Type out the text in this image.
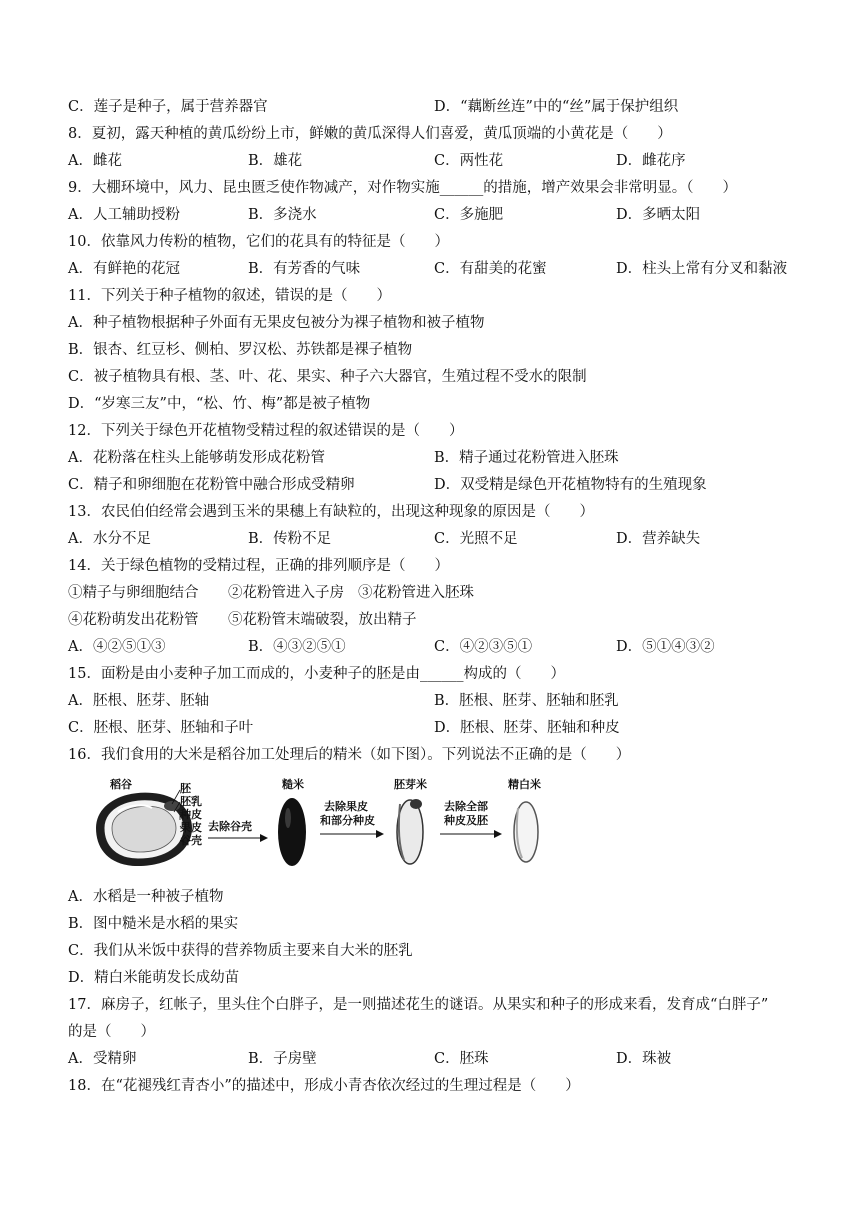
C．莲子是种子，属于营养器官	D．“藕断丝连”中的“丝”属于保护组织
8．夏初，露天种植的黄瓜纷纷上市，鲜嫩的黄瓜深得人们喜爱，黄瓜顶端的小黄花是（　　）
A．雌花	B．雄花	C．两性花	D．雌花序
9．大棚环境中，风力、昆虫匮乏使作物减产，对作物实施______的措施，增产效果会非常明显。（　　）
A．人工辅助授粉	B．多浇水	C．多施肥	D．多晒太阳
10．依靠风力传粉的植物，它们的花具有的特征是（　　）
A．有鲜艳的花冠	B．有芳香的气味	C．有甜美的花蜜	D．柱头上常有分叉和黏液
11．下列关于种子植物的叙述，错误的是（　　）
A．种子植物根据种子外面有无果皮包被分为裸子植物和被子植物
B．银杏、红豆杉、侧柏、罗汉松、苏铁都是裸子植物
C．被子植物具有根、茎、叶、花、果实、种子六大器官，生殖过程不受水的限制
D．“岁寒三友”中，“松、竹、梅”都是被子植物
12．下列关于绿色开花植物受精过程的叙述错误的是（　　）
A．花粉落在柱头上能够萌发形成花粉管	B．精子通过花粉管进入胚珠
C．精子和卵细胞在花粉管中融合形成受精卵	D．双受精是绿色开花植物特有的生殖现象
13．农民伯伯经常会遇到玉米的果穗上有缺粒的，出现这种现象的原因是（　　）
A．水分不足	B．传粉不足	C．光照不足	D．营养缺失
14．关于绿色植物的受精过程，正确的排列顺序是（　　）
①精子与卵细胞结合 ②花粉管进入子房 ③花粉管进入胚珠
④花粉萌发出花粉管 ⑤花粉管末端破裂，放出精子
A．④②⑤①③	B．④③②⑤①	C．④②③⑤①	D．⑤①④③②
15．面粉是由小麦种子加工而成的，小麦种子的胚是由______构成的（　　）
A．胚根、胚芽、胚轴	B．胚根、胚芽、胚轴和胚乳
C．胚根、胚芽、胚轴和子叶	D．胚根、胚芽、胚轴和种皮
16．我们食用的大米是稻谷加工处理后的精米（如下图）。下列说法不正确的是（　　）
稻谷	胚
胚乳
种皮
果皮
谷壳
去除谷壳
糙米
去除果皮
和部分种皮
胚芽米
去除全部
种皮及胚
精白米
A．水稻是一种被子植物
B．图中糙米是水稻的果实
C．我们从米饭中获得的营养物质主要来自大米的胚乳
D．精白米能萌发长成幼苗
17．麻房子，红帐子，里头住个白胖子，是一则描述花生的谜语。从果实和种子的形成来看，发育成“白胖子”
的是（　　）
A．受精卵	B．子房壁	C．胚珠	D．珠被
18．在“花褪残红青杏小”的描述中，形成小青杏依次经过的生理过程是（　　）
